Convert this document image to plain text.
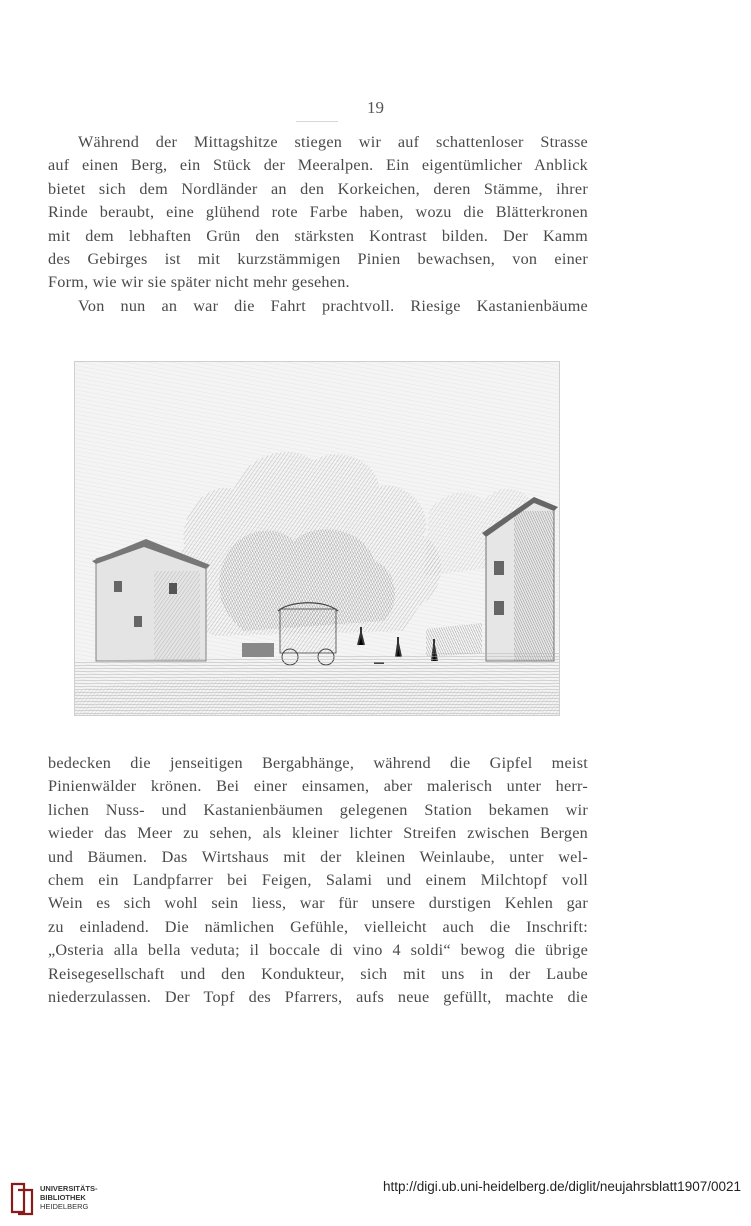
19
Während der Mittagshitze stiegen wir auf schattenloser Strasse
auf einen Berg, ein Stück der Meeralpen. Ein eigentümlicher Anblick
bietet sich dem Nordländer an den Korkeichen, deren Stämme, ihrer
Rinde beraubt, eine glühend rote Farbe haben, wozu die Blätterkronen
mit dem lebhaften Grün den stärksten Kontrast bilden. Der Kamm
des Gebirges ist mit kurzstämmigen Pinien bewachsen, von einer
Form, wie wir sie später nicht mehr gesehen.
Von nun an war die Fahrt prachtvoll. Riesige Kastanienbäume
bedecken die jenseitigen Bergabhänge, während die Gipfel meist
Pinienwälder krönen. Bei einer einsamen, aber malerisch unter herr-
lichen Nuss- und Kastanienbäumen gelegenen Station bekamen wir
wieder das Meer zu sehen, als kleiner lichter Streifen zwischen Bergen
und Bäumen. Das Wirtshaus mit der kleinen Weinlaube, unter wel-
chem ein Landpfarrer bei Feigen, Salami und einem Milchtopf voll
Wein es sich wohl sein liess, war für unsere durstigen Kehlen gar
zu einladend. Die nämlichen Gefühle, vielleicht auch die Inschrift:
„Osteria alla bella veduta; il boccale di vino 4 soldi“ bewog die übrige
Reisegesellschaft und den Kondukteur, sich mit uns in der Laube
niederzulassen. Der Topf des Pfarrers, aufs neue gefüllt, machte die
UNIVERSITÄTS-
BIBLIOTHEK
HEIDELBERG
http://digi.ub.uni-heidelberg.de/diglit/neujahrsblatt1907/0021
